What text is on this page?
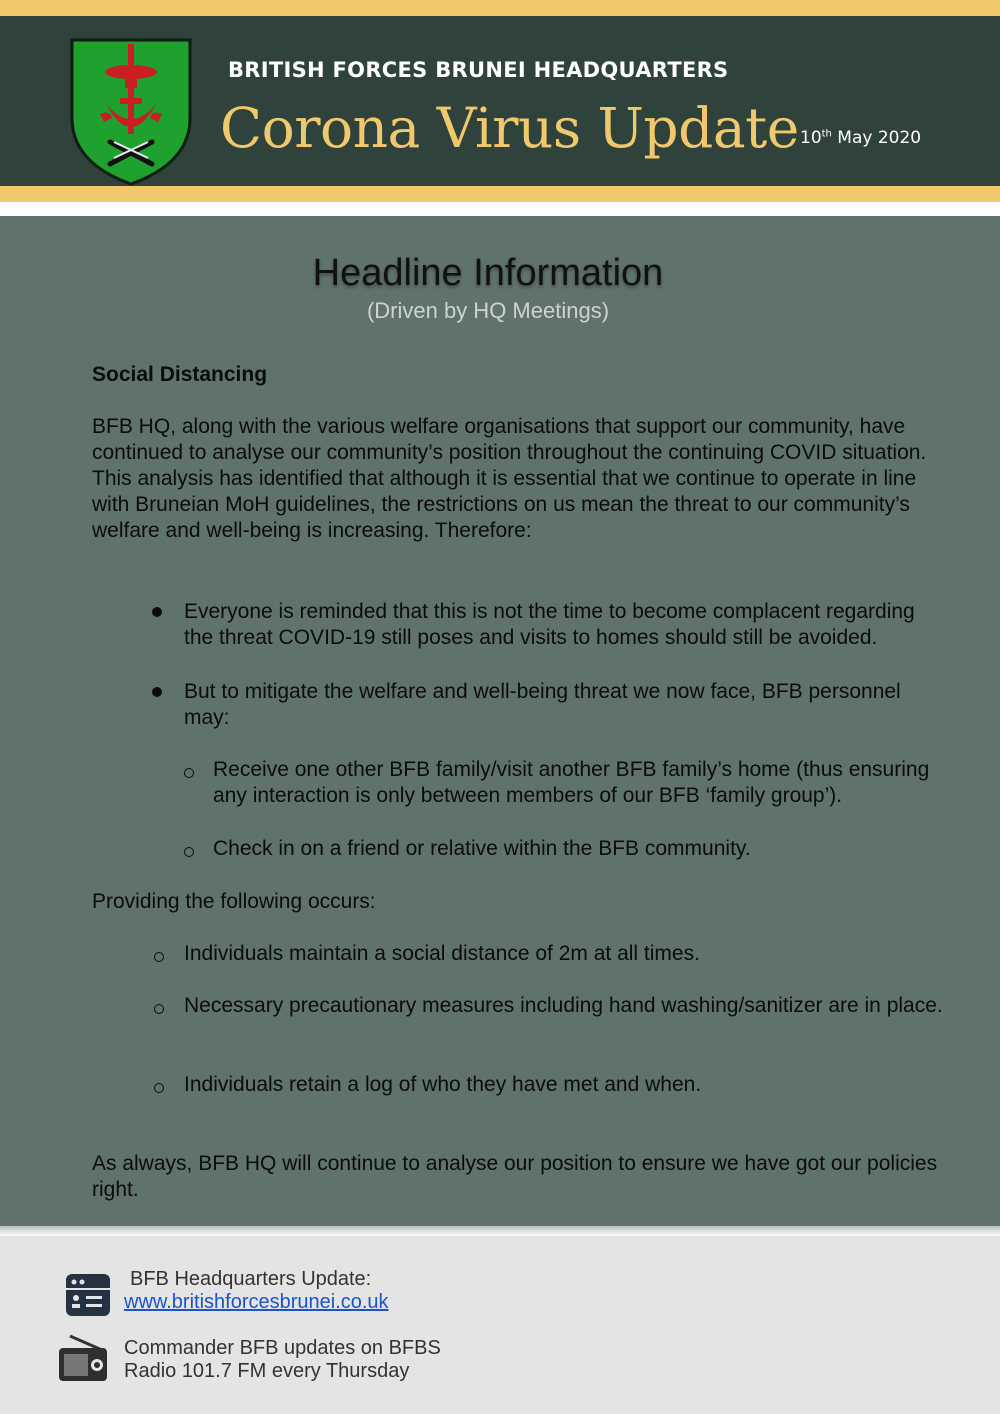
BRITISH FORCES BRUNEI HEADQUARTERS
Corona Virus Update 10th May 2020
Headline Information
(Driven by HQ Meetings)
Social Distancing
BFB HQ, along with the various welfare organisations that support our community, have continued to analyse our community’s position throughout the continuing COVID situation. This analysis has identified that although it is essential that we continue to operate in line with Bruneian MoH guidelines, the restrictions on us mean the threat to our community’s welfare and well-being is increasing. Therefore:
Everyone is reminded that this is not the time to become complacent regarding the threat COVID-19 still poses and visits to homes should still be avoided.
But to mitigate the welfare and well-being threat we now face, BFB personnel may:
Receive one other BFB family/visit another BFB family’s home (thus ensuring any interaction is only between members of our BFB ‘family group’).
Check in on a friend or relative within the BFB community.
Providing the following occurs:
Individuals maintain a social distance of 2m at all times.
Necessary precautionary measures including hand washing/sanitizer are in place.
Individuals retain a log of who they have met and when.
As always, BFB HQ will continue to analyse our position to ensure we have got our policies right.
BFB Headquarters Update:
www.britishforcesbrunei.co.uk
Commander BFB updates on BFBS
Radio 101.7 FM every Thursday
